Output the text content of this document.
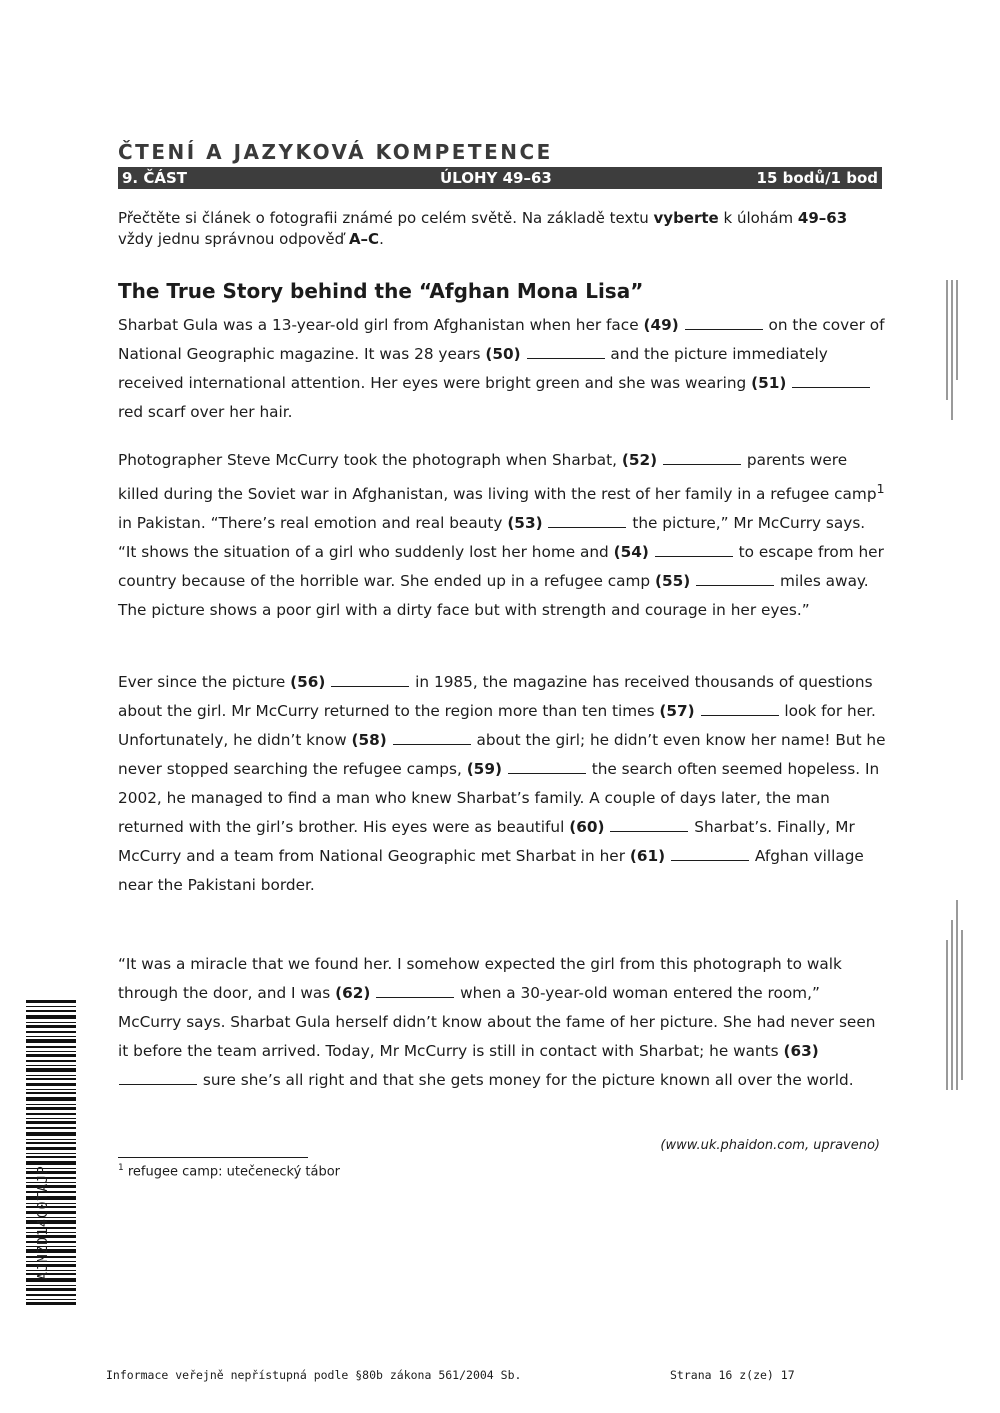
ČTENÍ A JAZYKOVÁ KOMPETENCE
9. ČÁST	ÚLOHY 49–63	15 bodů/1 bod
Přečtěte si článek o fotografii známé po celém světě. Na základě textu vyberte k úlohám 49–63 vždy jednu správnou odpověď A–C.
The True Story behind the “Afghan Mona Lisa”

Sharbat Gula was a 13-year-old girl from Afghanistan when her face (49)	on the cover of National Geographic magazine. It was 28 years (50)	and the picture immediately received international attention. Her eyes were bright green and she was wearing (51)  red scarf over her hair.

Photographer Steve McCurry took the photograph when Sharbat, (52)	parents were killed during the Soviet war in Afghanistan, was living with the rest of her family in a refugee camp$^1$ in Pakistan. “There’s real emotion and real beauty (53)	the picture,” Mr McCurry says. “It shows the situation of a girl who suddenly lost her home and (54)	to escape from her country because of the horrible war. She ended up in a refugee camp (55)	miles away. The picture shows a poor girl with a dirty face but with strength and courage in her eyes.”

Ever since the picture (56)	in 1985, the magazine has received thousands of questions about the girl. Mr McCurry returned to the region more than ten times (57)	look for her. Unfortunately, he didn’t know (58)	about the girl; he didn’t even know her name! But he never stopped searching the refugee camps, (59)	the search often seemed hopeless. In 2002, he managed to find a man who knew Sharbat’s family. A couple of days later, the man returned with the girl’s brother. His eyes were as beautiful (60)	Sharbat’s. Finally, Mr McCurry and a team from National Geographic met Sharbat in her (61)	Afghan village near the Pakistani border.

“It was a miracle that we found her. I somehow expected the girl from this photograph to walk through the door, and I was (62)	when a 30-year-old woman entered the room,” McCurry says. Sharbat Gula herself didn’t know about the fame of her picture. She had never seen it before the team arrived. Today, Mr McCurry is still in contact with Sharbat; he wants (63)  sure she’s all right and that she gets money for the picture known all over the world.

(www.uk.phaidon.com, upraveno)
$^1$ refugee camp: utečenecký tábor
AJMZD14C0TAJP
Informace veřejně nepřístupná podle §80b zákona 561/2004 Sb.	Strana 16 z(ze) 17
